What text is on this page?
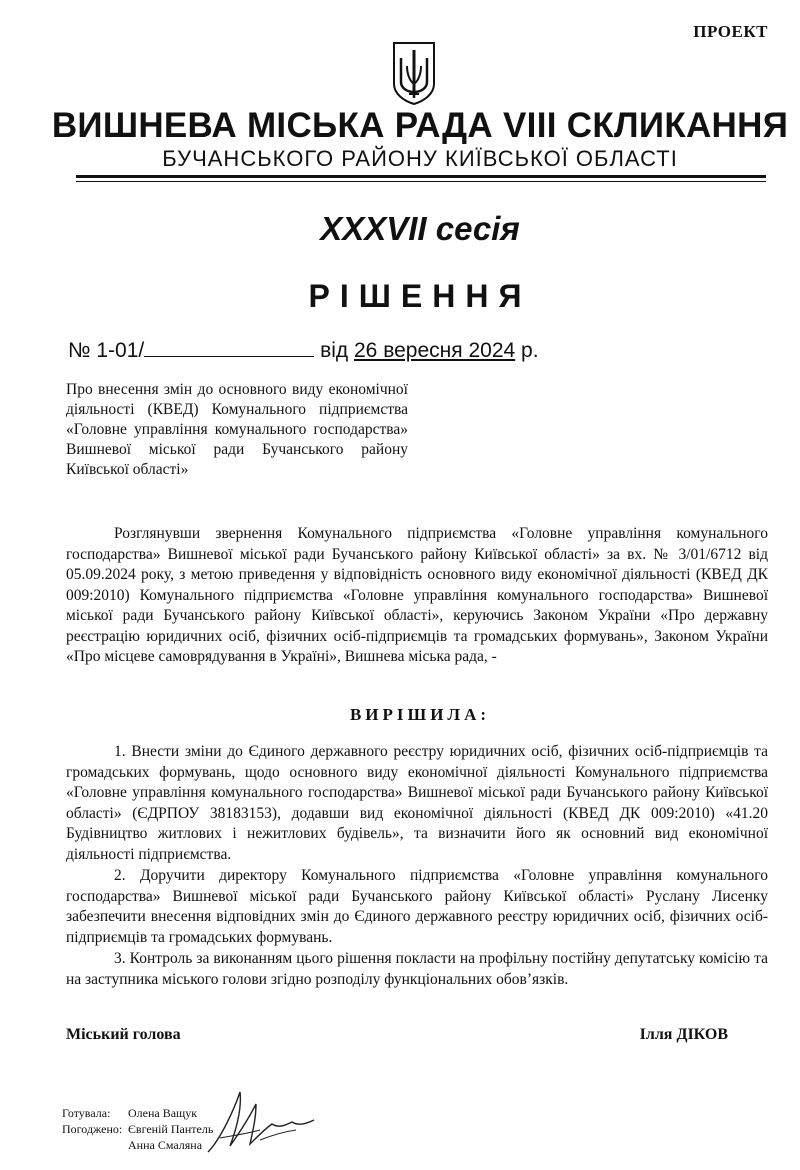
ПРОЕКТ
ВИШНЕВА МІСЬКА РАДА VIII СКЛИКАННЯ
БУЧАНСЬКОГО РАЙОНУ КИЇВСЬКОЇ ОБЛАСТІ
XXXVII сесія
РІШЕННЯ
№ 1-01/	від 26 вересня 2024 р.
Про внесення змін до основного виду економічної діяльності (КВЕД) Комунального підприємства «Головне управління комунального господарства» Вишневої міської ради Бучанського району Київської області»
Розглянувши звернення Комунального підприємства «Головне управління комунального господарства» Вишневої міської ради Бучанського району Київської області» за вх. № 3/01/6712 від 05.09.2024 року, з метою приведення у відповідність основного виду економічної діяльності (КВЕД ДК 009:2010) Комунального підприємства «Головне управління комунального господарства» Вишневої міської ради Бучанського району Київської області», керуючись Законом України «Про державну реєстрацію юридичних осіб, фізичних осіб-підприємців та громадських формувань», Законом України «Про місцеве самоврядування в Україні», Вишнева міська рада, -
ВИРІШИЛА:
1. Внести зміни до Єдиного державного реєстру юридичних осіб, фізичних осіб-підприємців та громадських формувань, щодо основного виду економічної діяльності Комунального підприємства «Головне управління комунального господарства» Вишневої міської ради Бучанського району Київської області» (ЄДРПОУ 38183153), додавши вид економічної діяльності (КВЕД ДК 009:2010) «41.20 Будівництво житлових і нежитлових будівель», та визначити його як основний вид економічної діяльності підприємства.
2. Доручити директору Комунального підприємства «Головне управління комунального господарства» Вишневої міської ради Бучанського району Київської області» Руслану Лисенку забезпечити внесення відповідних змін до Єдиного державного реєстру юридичних осіб, фізичних осіб-підприємців та громадських формувань.
3. Контроль за виконанням цього рішення покласти на профільну постійну депутатську комісію та на заступника міського голови згідно розподілу функціональних обов’язків.
Міський голова	Ілля ДІКОВ
Готувала: Олена Ващук
Погоджено: Євгеній Пантель
Анна Смаляна
